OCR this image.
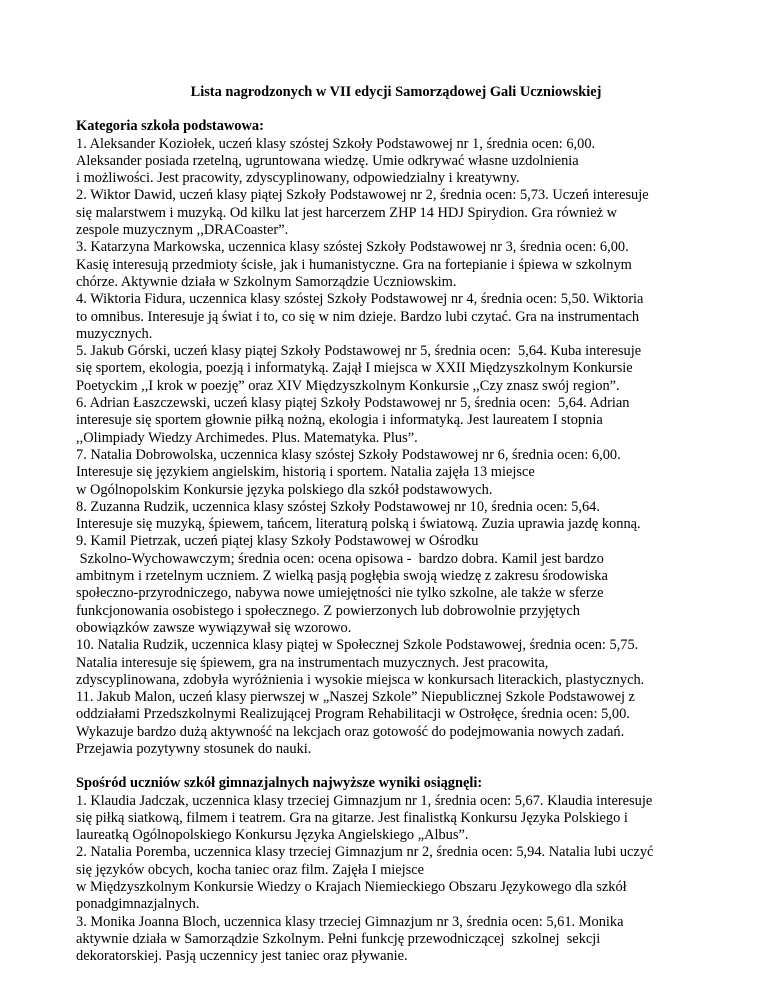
Lista nagrodzonych w VII edycji Samorządowej Gali Uczniowskiej

Kategoria szkoła podstawowa:

1. Aleksander Koziołek, uczeń klasy szóstej Szkoły Podstawowej nr 1, średnia ocen: 6,00.
Aleksander posiada rzetelną, ugruntowana wiedzę. Umie odkrywać własne uzdolnienia
i możliwości. Jest pracowity, zdyscyplinowany, odpowiedzialny i kreatywny.
2. Wiktor Dawid, uczeń klasy piątej Szkoły Podstawowej nr 2, średnia ocen: 5,73. Uczeń interesuje
się malarstwem i muzyką. Od kilku lat jest harcerzem ZHP 14 HDJ Spirydion. Gra również w
zespole muzycznym ,,DRACoaster”.
3. Katarzyna Markowska, uczennica klasy szóstej Szkoły Podstawowej nr 3, średnia ocen: 6,00.
Kasię interesują przedmioty ścisłe, jak i humanistyczne. Gra na fortepianie i śpiewa w szkolnym
chórze. Aktywnie działa w Szkolnym Samorządzie Uczniowskim.
4. Wiktoria Fidura, uczennica klasy szóstej Szkoły Podstawowej nr 4, średnia ocen: 5,50. Wiktoria
to omnibus. Interesuje ją świat i to, co się w nim dzieje. Bardzo lubi czytać. Gra na instrumentach
muzycznych.
5. Jakub Górski, uczeń klasy piątej Szkoły Podstawowej nr 5, średnia ocen:  5,64. Kuba interesuje
się sportem, ekologia, poezją i informatyką. Zajął I miejsca w XXII Międzyszkolnym Konkursie
Poetyckim ,,I krok w poezję” oraz XIV Międzyszkolnym Konkursie ,,Czy znasz swój region”.
6. Adrian Łaszczewski, uczeń klasy piątej Szkoły Podstawowej nr 5, średnia ocen:  5,64. Adrian
interesuje się sportem głownie piłką nożną, ekologia i informatyką. Jest laureatem I stopnia
,,Olimpiady Wiedzy Archimedes. Plus. Matematyka. Plus”.
7. Natalia Dobrowolska, uczennica klasy szóstej Szkoły Podstawowej nr 6, średnia ocen: 6,00.
Interesuje się językiem angielskim, historią i sportem. Natalia zajęła 13 miejsce
w Ogólnopolskim Konkursie języka polskiego dla szkół podstawowych.
8. Zuzanna Rudzik, uczennica klasy szóstej Szkoły Podstawowej nr 10, średnia ocen: 5,64.
Interesuje się muzyką, śpiewem, tańcem, literaturą polską i światową. Zuzia uprawia jazdę konną.
9. Kamil Pietrzak, uczeń piątej klasy Szkoły Podstawowej w Ośrodku
Szkolno-Wychowawczym; średnia ocen: ocena opisowa -  bardzo dobra. Kamil jest bardzo
ambitnym i rzetelnym uczniem. Z wielką pasją pogłębia swoją wiedzę z zakresu środowiska
społeczno-przyrodniczego, nabywa nowe umiejętności nie tylko szkolne, ale także w sferze
funkcjonowania osobistego i społecznego. Z powierzonych lub dobrowolnie przyjętych
obowiązków zawsze wywiązywał się wzorowo.
10. Natalia Rudzik, uczennica klasy piątej w Społecznej Szkole Podstawowej, średnia ocen: 5,75.
Natalia interesuje się śpiewem, gra na instrumentach muzycznych. Jest pracowita,
zdyscyplinowana, zdobyła wyróżnienia i wysokie miejsca w konkursach literackich, plastycznych.
11. Jakub Malon, uczeń klasy pierwszej w „Naszej Szkole” Niepublicznej Szkole Podstawowej z
oddziałami Przedszkolnymi Realizującej Program Rehabilitacji w Ostrołęce, średnia ocen: 5,00.
Wykazuje bardzo dużą aktywność na lekcjach oraz gotowość do podejmowania nowych zadań.
Przejawia pozytywny stosunek do nauki.

Spośród uczniów szkół gimnazjalnych najwyższe wyniki osiągnęli:

1. Klaudia Jadczak, uczennica klasy trzeciej Gimnazjum nr 1, średnia ocen: 5,67. Klaudia interesuje
się piłką siatkową, filmem i teatrem. Gra na gitarze. Jest finalistką Konkursu Języka Polskiego i
laureatką Ogólnopolskiego Konkursu Języka Angielskiego „Albus”.
2. Natalia Poremba, uczennica klasy trzeciej Gimnazjum nr 2, średnia ocen: 5,94. Natalia lubi uczyć
się języków obcych, kocha taniec oraz film. Zajęła I miejsce
w Międzyszkolnym Konkursie Wiedzy o Krajach Niemieckiego Obszaru Językowego dla szkół
ponadgimnazjalnych.
3. Monika Joanna Bloch, uczennica klasy trzeciej Gimnazjum nr 3, średnia ocen: 5,61. Monika
aktywnie działa w Samorządzie Szkolnym. Pełni funkcję przewodniczącej  szkolnej  sekcji
dekoratorskiej. Pasją uczennicy jest taniec oraz pływanie.
